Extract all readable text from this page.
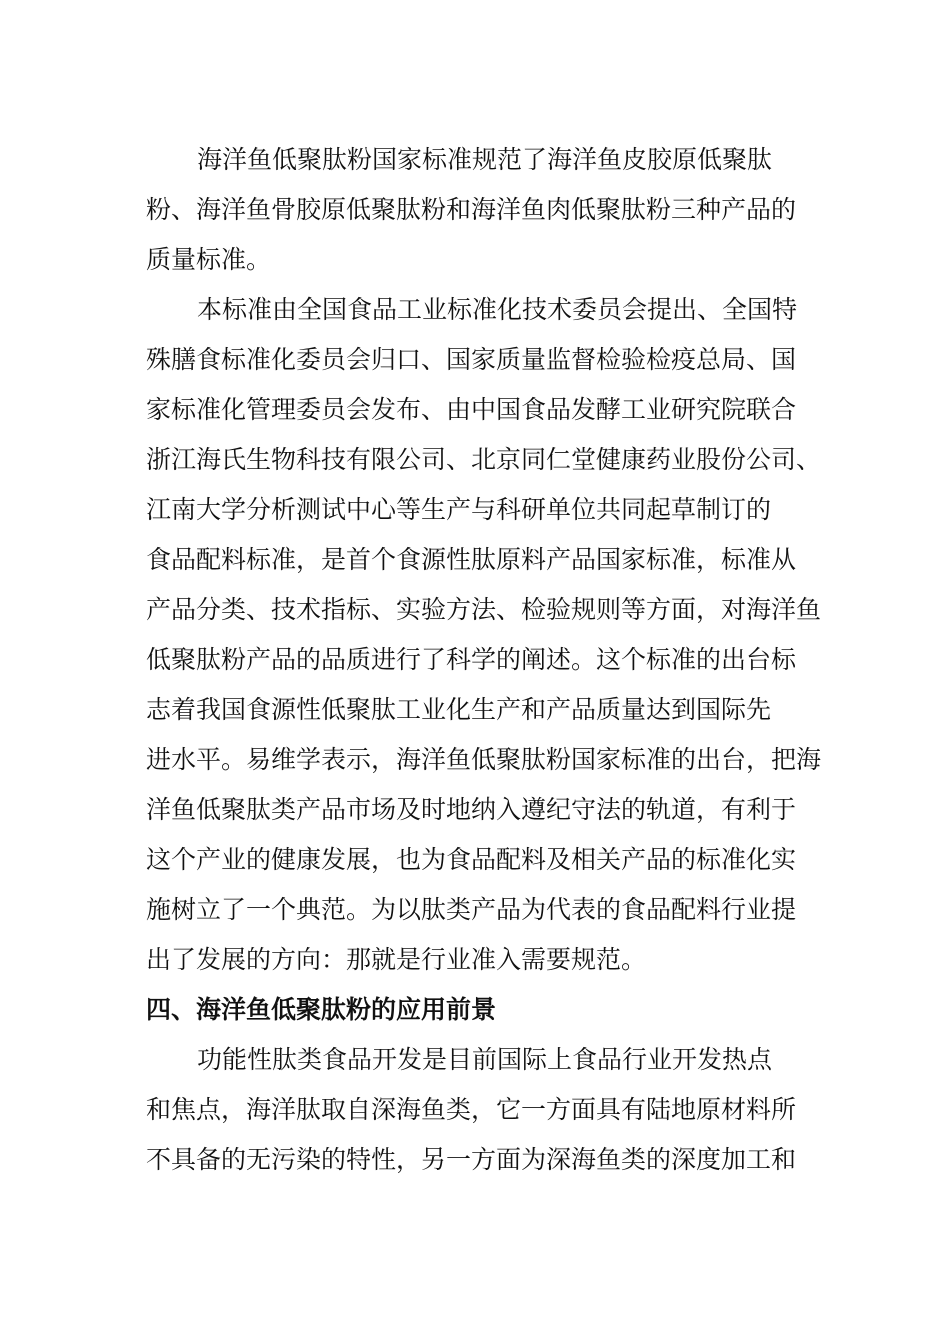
海洋鱼低聚肽粉国家标准规范了海洋鱼皮胶原低聚肽
粉、海洋鱼骨胶原低聚肽粉和海洋鱼肉低聚肽粉三种产品的
质量标准。
本标准由全国食品工业标准化技术委员会提出、全国特
殊膳食标准化委员会归口、国家质量监督检验检疫总局、国
家标准化管理委员会发布、由中国食品发酵工业研究院联合
浙江海氏生物科技有限公司、北京同仁堂健康药业股份公司、
江南大学分析测试中心等生产与科研单位共同起草制订的
食品配料标准，是首个食源性肽原料产品国家标准，标准从
产品分类、技术指标、实验方法、检验规则等方面，对海洋鱼
低聚肽粉产品的品质进行了科学的阐述。这个标准的出台标
志着我国食源性低聚肽工业化生产和产品质量达到国际先
进水平。易维学表示，海洋鱼低聚肽粉国家标准的出台，把海
洋鱼低聚肽类产品市场及时地纳入遵纪守法的轨道，有利于
这个产业的健康发展，也为食品配料及相关产品的标准化实
施树立了一个典范。为以肽类产品为代表的食品配料行业提
出了发展的方向：那就是行业准入需要规范。
四、海洋鱼低聚肽粉的应用前景
功能性肽类食品开发是目前国际上食品行业开发热点
和焦点，海洋肽取自深海鱼类，它一方面具有陆地原材料所
不具备的无污染的特性，另一方面为深海鱼类的深度加工和
